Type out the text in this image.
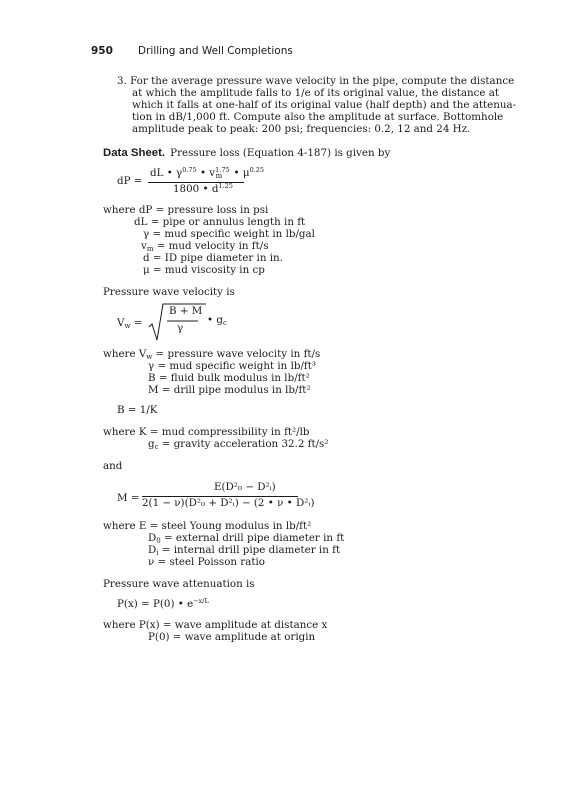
950 Drilling and Well Completions
3. For the average pressure wave velocity in the pipe, compute the distance
at which the amplitude falls to 1/e of its original value, the distance at
which it falls at one-half of its original value (half depth) and the attenua-
tion in dB/1,000 ft. Compute also the amplitude at surface. Bottomhole
amplitude peak to peak: 200 psi; frequencies: 0.2, 12 and 24 Hz.
Data Sheet. Pressure loss (Equation 4-187) is given by
dP =
dL • $\gamma^{0.75}$ • $v^{1.75}m$ • $\mu^{0.25}$
1800 • $d^{1.25}$
where dP = pressure loss in psi
dL = pipe or annulus length in ft
γ = mud specific weight in lb/gal
vm = mud velocity in ft/s
d = ID pipe diameter in in.
μ = mud viscosity in cp
Pressure wave velocity is
Vw =
B + M
γ
• gc
where Vw = pressure wave velocity in ft/s
γ = mud specific weight in lb/ft³
B = fluid bulk modulus in lb/ft²
M = drill pipe modulus in lb/ft²
B = 1/K
where K = mud compressibility in ft²/lb
gc = gravity acceleration 32.2 ft/s²
and
M =
E(D²₀ − D²ᵢ)
2(1 − ν)(D²₀ + D²ᵢ) − (2 • ν • D²ᵢ)
where E = steel Young modulus in lb/ft²
D0 = external drill pipe diameter in ft
Di = internal drill pipe diameter in ft
ν = steel Poisson ratio
Pressure wave attenuation is
P(x) = P(0) • $e^{-x/L}$
where P(x) = wave amplitude at distance x
P(0) = wave amplitude at origin
